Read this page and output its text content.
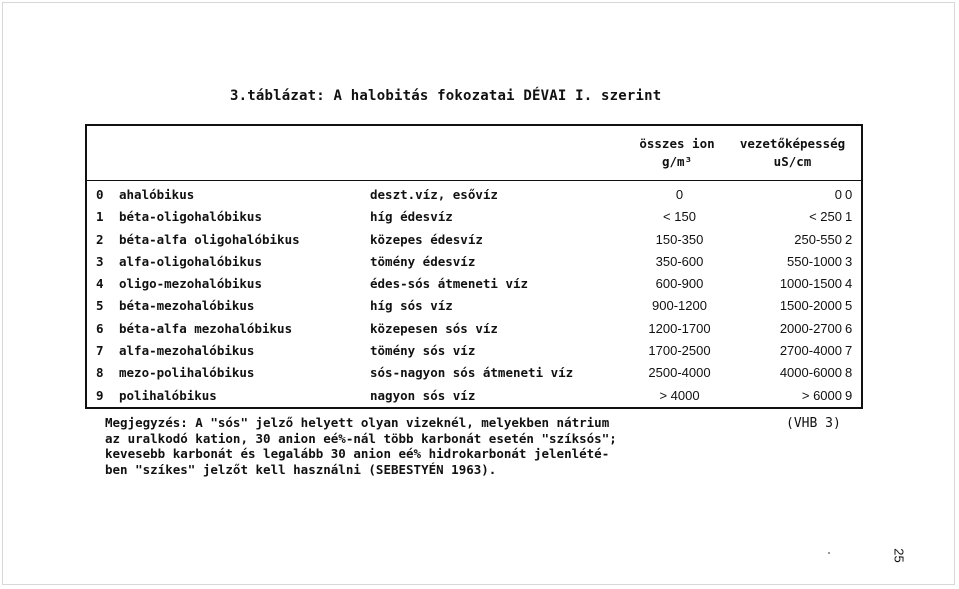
3.táblázat: A halobitás fokozatai DÉVAI I. szerint
összes ion
g/m³
vezetőképesség
uS/cm
0 ahalóbikus	deszt.víz, esővíz	0	0 0
1 béta-oligohalóbikus	híg édesvíz	< 150	< 250 1
2 béta-alfa oligohalóbikus	közepes édesvíz	150-350	250-550 2
3 alfa-oligohalóbikus	tömény édesvíz	350-600	550-1000 3
4 oligo-mezohalóbikus	édes-sós átmeneti víz	600-900	1000-1500 4
5 béta-mezohalóbikus	híg sós víz	900-1200	1500-2000 5
6 béta-alfa mezohalóbikus	közepesen sós víz	1200-1700	2000-2700 6
7 alfa-mezohalóbikus	tömény sós víz	1700-2500	2700-4000 7
8 mezo-polihalóbikus	sós-nagyon sós átmeneti víz	2500-4000	4000-6000 8
9 polihalóbikus	nagyon sós víz	> 4000	> 6000 9
Megjegyzés: A "sós" jelző helyett olyan vizeknél, melyekben nátrium
az uralkodó kation, 30 anion eé%-nál több karbonát esetén "szíksós";
kevesebb karbonát és legalább 30 anion eé% hidrokarbonát jelenlété-
ben "szíkes" jelzőt kell használni (SEBESTYÉN 1963).
(VHB 3)
25
